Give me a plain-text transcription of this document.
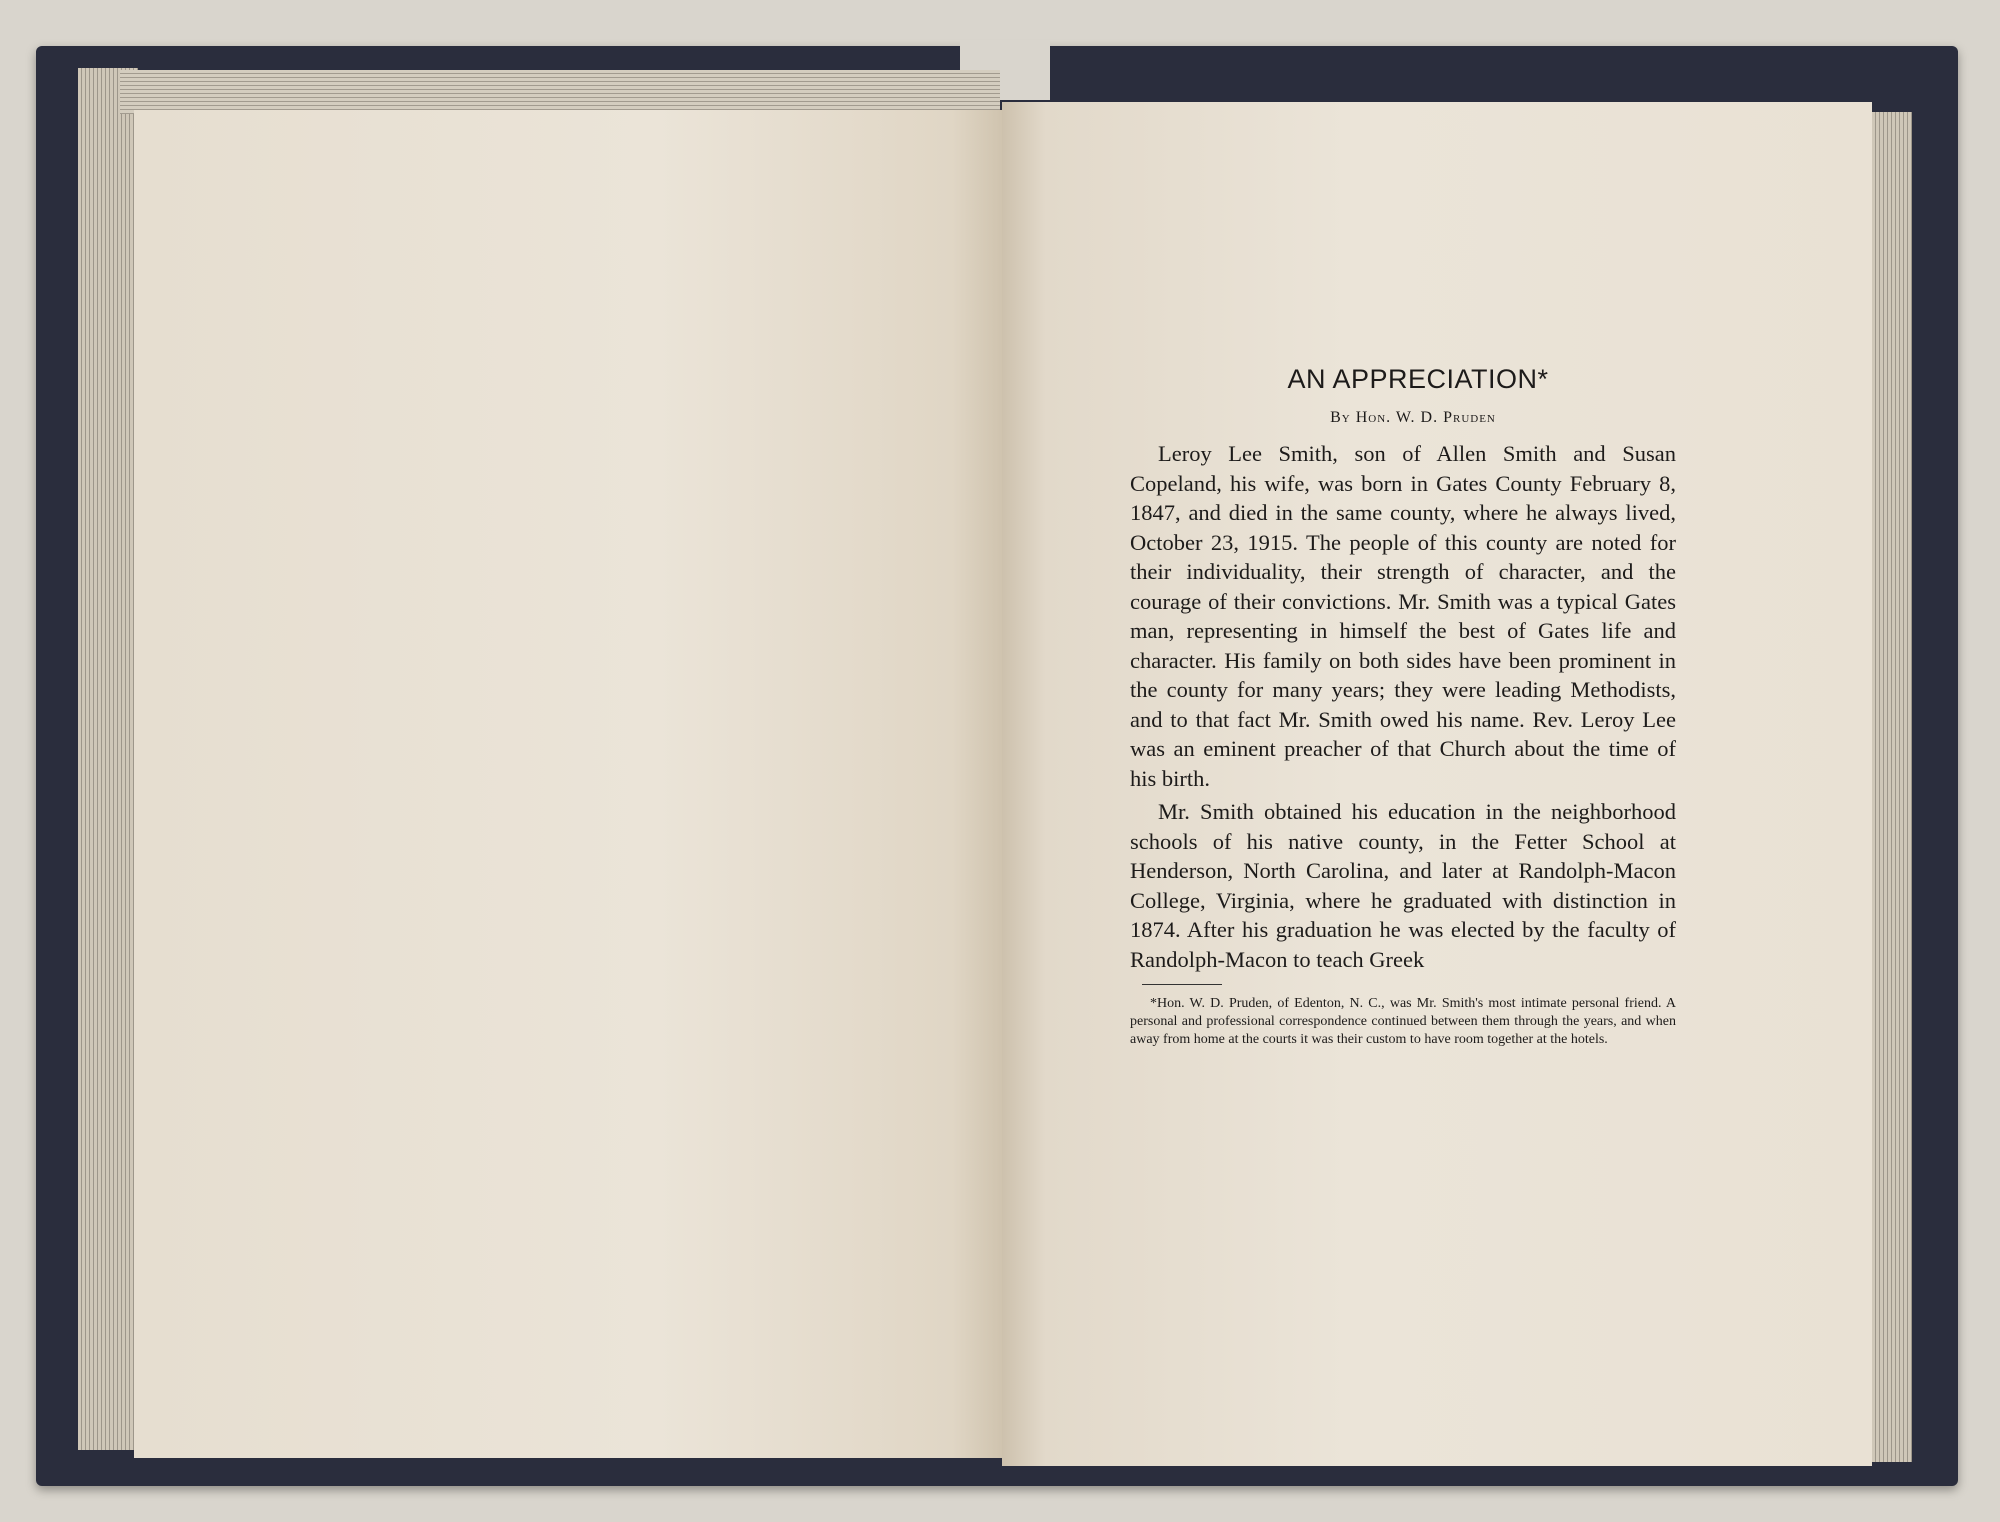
AN APPRECIATION*
By Hon. W. D. Pruden

Leroy Lee Smith, son of Allen Smith and Susan Copeland, his wife, was born in Gates County February 8, 1847, and died in the same county, where he always lived, October 23, 1915. The people of this county are noted for their individuality, their strength of character, and the courage of their convictions. Mr. Smith was a typical Gates man, representing in himself the best of Gates life and character. His family on both sides have been prominent in the county for many years; they were leading Methodists, and to that fact Mr. Smith owed his name. Rev. Leroy Lee was an eminent preacher of that Church about the time of his birth.

Mr. Smith obtained his education in the neighborhood schools of his native county, in the Fetter School at Henderson, North Carolina, and later at Randolph-Macon College, Virginia, where he graduated with distinction in 1874. After his graduation he was elected by the faculty of Randolph-Macon to teach Greek

*Hon. W. D. Pruden, of Edenton, N. C., was Mr. Smith's most intimate personal friend. A personal and professional correspondence continued between them through the years, and when away from home at the courts it was their custom to have room together at the hotels.
